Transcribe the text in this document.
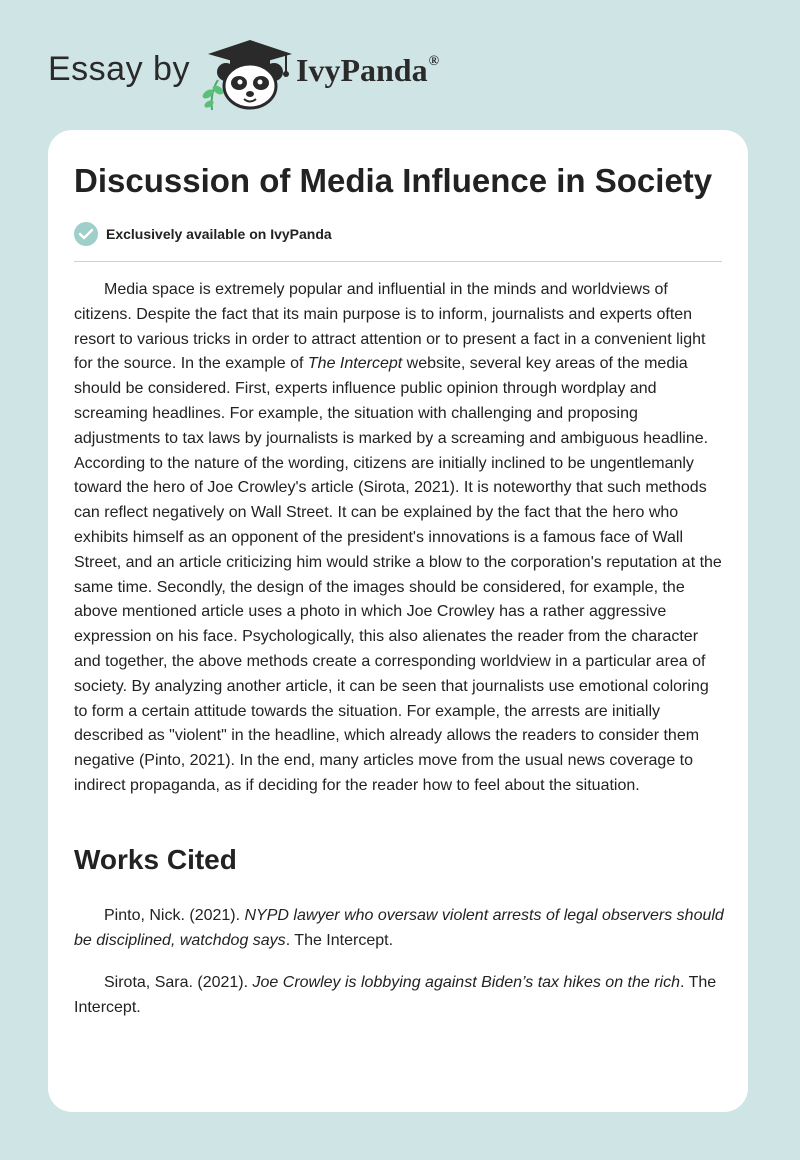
Essay by	IvyPanda®
Discussion of Media Influence in Society
Exclusively available on IvyPanda

Media space is extremely popular and influential in the minds and worldviews of citizens. Despite the fact that its main purpose is to inform, journalists and experts often resort to various tricks in order to attract attention or to present a fact in a convenient light for the source. In the example of The Intercept website, several key areas of the media should be considered. First, experts influence public opinion through wordplay and screaming headlines. For example, the situation with challenging and proposing adjustments to tax laws by journalists is marked by a screaming and ambiguous headline. According to the nature of the wording, citizens are initially inclined to be ungentlemanly toward the hero of Joe Crowley's article (Sirota, 2021). It is noteworthy that such methods can reflect negatively on Wall Street. It can be explained by the fact that the hero who exhibits himself as an opponent of the president's innovations is a famous face of Wall Street, and an article criticizing him would strike a blow to the corporation's reputation at the same time. Secondly, the design of the images should be considered, for example, the above mentioned article uses a photo in which Joe Crowley has a rather aggressive expression on his face. Psychologically, this also alienates the reader from the character and together, the above methods create a corresponding worldview in a particular area of society. By analyzing another article, it can be seen that journalists use emotional coloring to form a certain attitude towards the situation. For example, the arrests are initially described as "violent" in the headline, which already allows the readers to consider them negative (Pinto, 2021). In the end, many articles move from the usual news coverage to indirect propaganda, as if deciding for the reader how to feel about the situation.

Works Cited

Pinto, Nick. (2021). NYPD lawyer who oversaw violent arrests of legal observers should be disciplined, watchdog says. The Intercept.

Sirota, Sara. (2021). Joe Crowley is lobbying against Biden’s tax hikes on the rich. The Intercept.
